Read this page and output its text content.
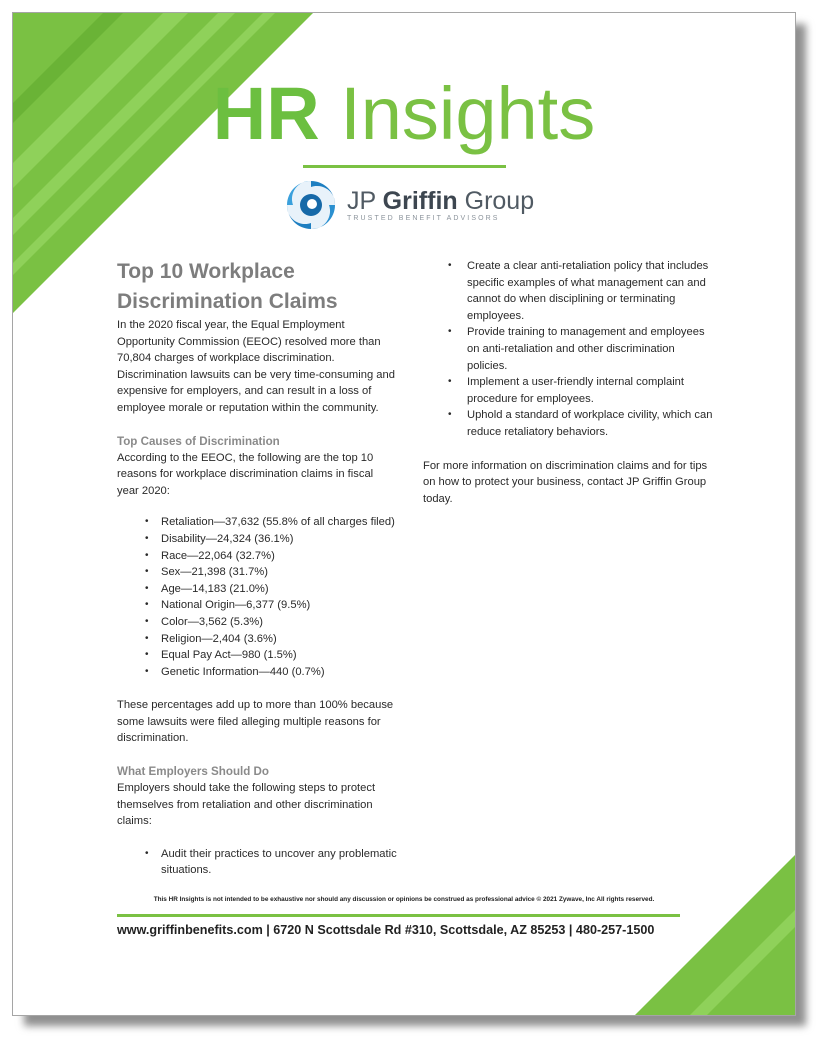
HR Insights
JP Griffin Group
TRUSTED BENEFIT ADVISORS
Top 10 Workplace
Discrimination Claims

In the 2020 fiscal year, the Equal Employment Opportunity Commission (EEOC) resolved more than 70,804 charges of workplace discrimination. Discrimination lawsuits can be very time-consuming and expensive for employers, and can result in a loss of employee morale or reputation within the community.

Top Causes of Discrimination

According to the EEOC, the following are the top 10 reasons for workplace discrimination claims in fiscal year 2020:

• Retaliation—37,632 (55.8% of all charges filed)
• Disability—24,324 (36.1%)
• Race—22,064 (32.7%)
• Sex—21,398 (31.7%)
• Age—14,183 (21.0%)
• National Origin—6,377 (9.5%)
• Color—3,562 (5.3%)
• Religion—2,404 (3.6%)
• Equal Pay Act—980 (1.5%)
• Genetic Information—440 (0.7%)

These percentages add up to more than 100% because some lawsuits were filed alleging multiple reasons for discrimination.

What Employers Should Do

Employers should take the following steps to protect themselves from retaliation and other discrimination claims:

• Audit their practices to uncover any problematic situations.
• Create a clear anti-retaliation policy that includes specific examples of what management can and cannot do when disciplining or terminating employees.
• Provide training to management and employees on anti-retaliation and other discrimination policies.
• Implement a user-friendly internal complaint procedure for employees.
• Uphold a standard of workplace civility, which can reduce retaliatory behaviors.

For more information on discrimination claims and for tips on how to protect your business, contact JP Griffin Group today.

This HR Insights is not intended to be exhaustive nor should any discussion or opinions be construed as professional advice © 2021 Zywave, Inc All rights reserved.
www.griffinbenefits.com | 6720 N Scottsdale Rd #310, Scottsdale, AZ 85253 | 480-257-1500
